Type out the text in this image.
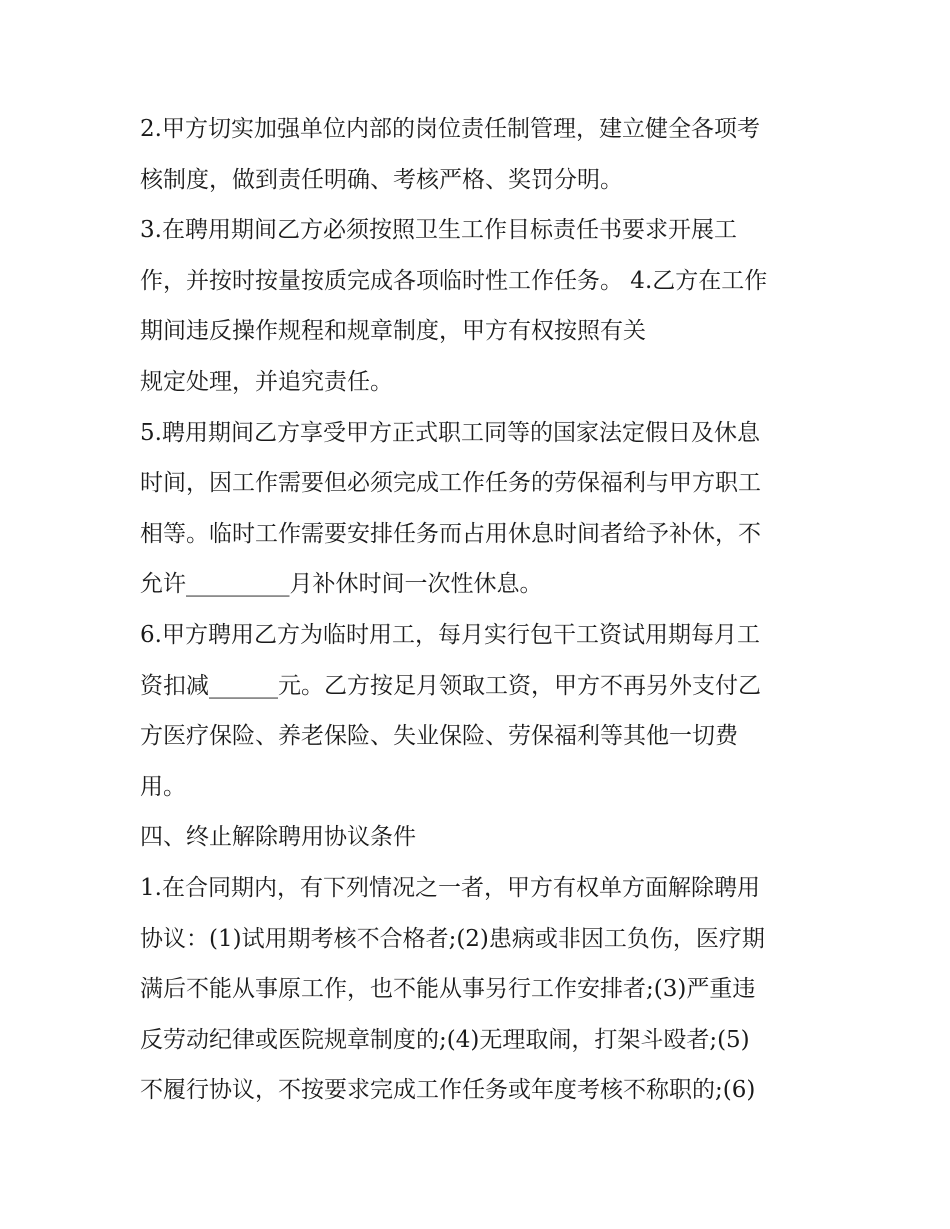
2.甲方切实加强单位内部的岗位责任制管理，建立健全各项考
核制度，做到责任明确、考核严格、奖罚分明。
3.在聘用期间乙方必须按照卫生工作目标责任书要求开展工
作，并按时按量按质完成各项临时性工作任务。 4.乙方在工作
期间违反操作规程和规章制度，甲方有权按照有关
规定处理，并追究责任。
5.聘用期间乙方享受甲方正式职工同等的国家法定假日及休息
时间，因工作需要但必须完成工作任务的劳保福利与甲方职工
相等。临时工作需要安排任务而占用休息时间者给予补休，不
允许_________月补休时间一次性休息。
6.甲方聘用乙方为临时用工，每月实行包干工资试用期每月工
资扣减______元。乙方按足月领取工资，甲方不再另外支付乙
方医疗保险、养老保险、失业保险、劳保福利等其他一切费
用。
四、终止解除聘用协议条件
1.在合同期内，有下列情况之一者，甲方有权单方面解除聘用
协议：(1)试用期考核不合格者;(2)患病或非因工负伤，医疗期
满后不能从事原工作，也不能从事另行工作安排者;(3)严重违
反劳动纪律或医院规章制度的;(4)无理取闹，打架斗殴者;(5)
不履行协议，不按要求完成工作任务或年度考核不称职的;(6)
